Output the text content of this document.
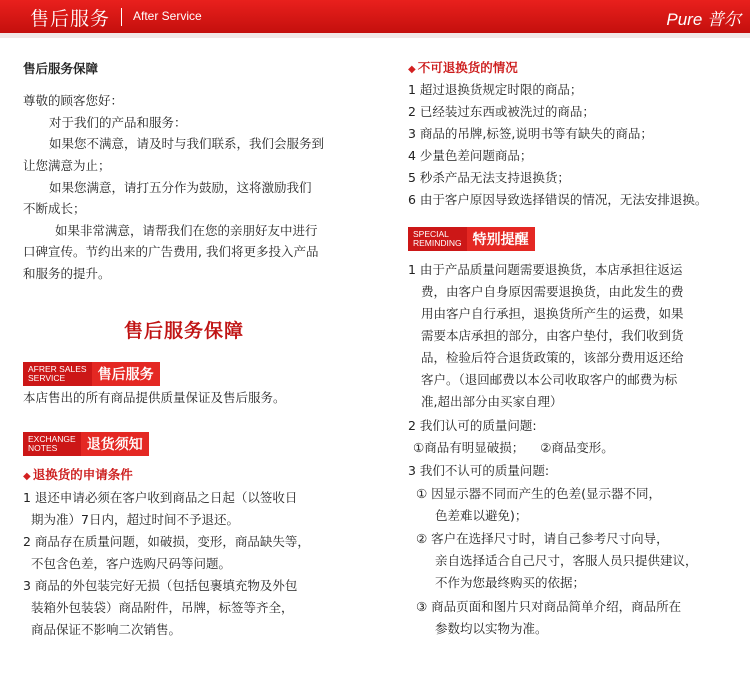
售后服务 After Service	Pure 普尔

售后服务保障

尊敬的顾客您好：

对于我们的产品和服务：

如果您不满意，请及时与我们联系，我们会服务到

让您满意为止；

如果您满意，请打五分作为鼓励，这将激励我们

不断成长；

如果非常满意，请帮我们在您的亲朋好友中进行

口碑宣传。节约出来的广告费用, 我们将更多投入产品

和服务的提升。

售后服务保障

AFRER SALES
SERVICE	售后服务

本店售出的所有商品提供质量保证及售后服务。

EXCHANGE
NOTES	退货须知

◆ 退换货的申请条件

1 退还申请必须在客户收到商品之日起（以签收日

期为准）7日内，超过时间不予退还。

2 商品存在质量问题，如破损，变形，商品缺失等，

不包含色差，客户选购尺码等问题。

3 商品的外包装完好无损（包括包裹填充物及外包

装箱外包装袋）商品附件，吊牌，标签等齐全，

商品保证不影响二次销售。

◆ 不可退换货的情况

1 超过退换货规定时限的商品；

2 已经装过东西或被洗过的商品；

3 商品的吊牌,标签,说明书等有缺失的商品；

4 少量色差问题商品；

5 秒杀产品无法支持退换货；

6 由于客户原因导致选择错误的情况，无法安排退换。

SPECIAL
REMINDING 特别提醒

1 由于产品质量问题需要退换货，本店承担往返运

费，由客户自身原因需要退换货，由此发生的费

用由客户自行承担，退换货所产生的运费，如果

需要本店承担的部分，由客户垫付，我们收到货

品，检验后符合退货政策的，该部分费用返还给

客户。（退回邮费以本公司收取客户的邮费为标

准,超出部分由买家自理）

2 我们认可的质量问题:

①商品有明显破损；    ②商品变形。

3 我们不认可的质量问题:

① 因显示器不同而产生的色差(显示器不同，

色差难以避免)；

② 客户在选择尺寸时，请自己参考尺寸向导，

亲自选择适合自己尺寸，客服人员只提供建议，

不作为您最终购买的依据；

③ 商品页面和图片只对商品简单介绍，商品所在

参数均以实物为准。
